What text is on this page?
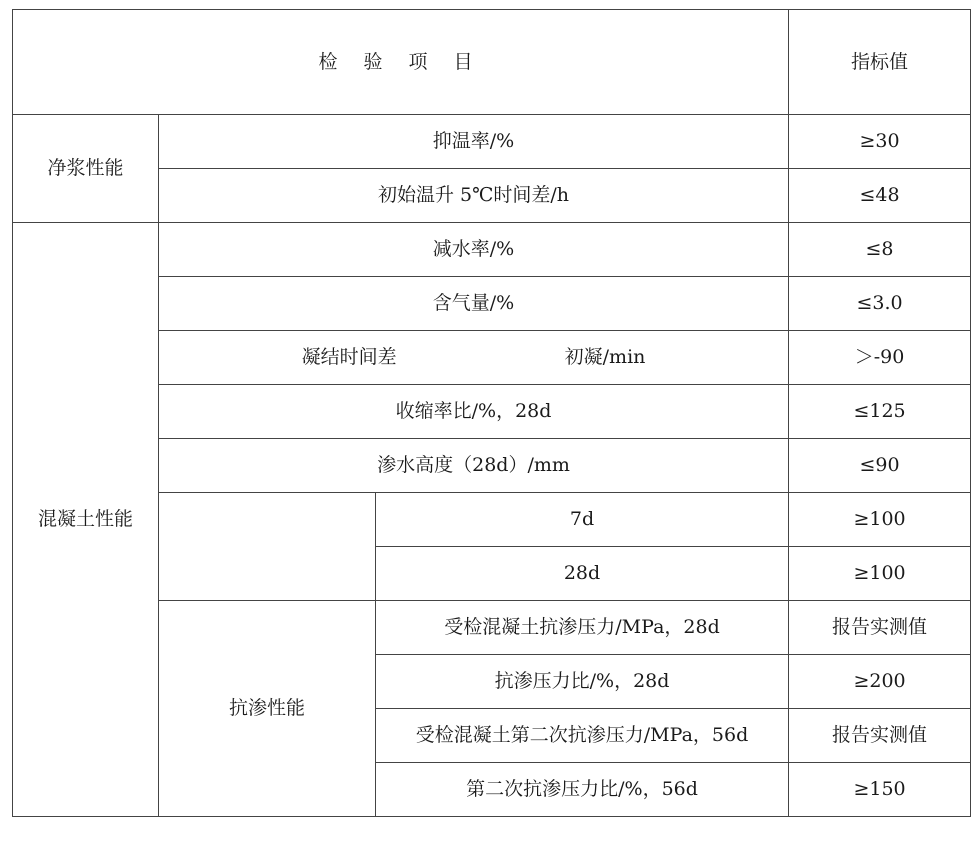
检 验 项 目			指标值
净浆性能	抑温率/%		≥30
	初始温升 5℃时间差/h		≤48
混凝土性能	减水率/%		≤8
	含气量/%		≤3.0

	凝结时间差 初凝/min		＞-90
	收缩率比/%，28d		≤125
	渗水高度（28d）/mm		≤90
		7d	≥100
		28d	≥100
	抗渗性能	受检混凝土抗渗压力/MPa，28d	报告实测值
		抗渗压力比/%，28d	≥200
		受检混凝土第二次抗渗压力/MPa，56d	报告实测值
		第二次抗渗压力比/%，56d	≥150
